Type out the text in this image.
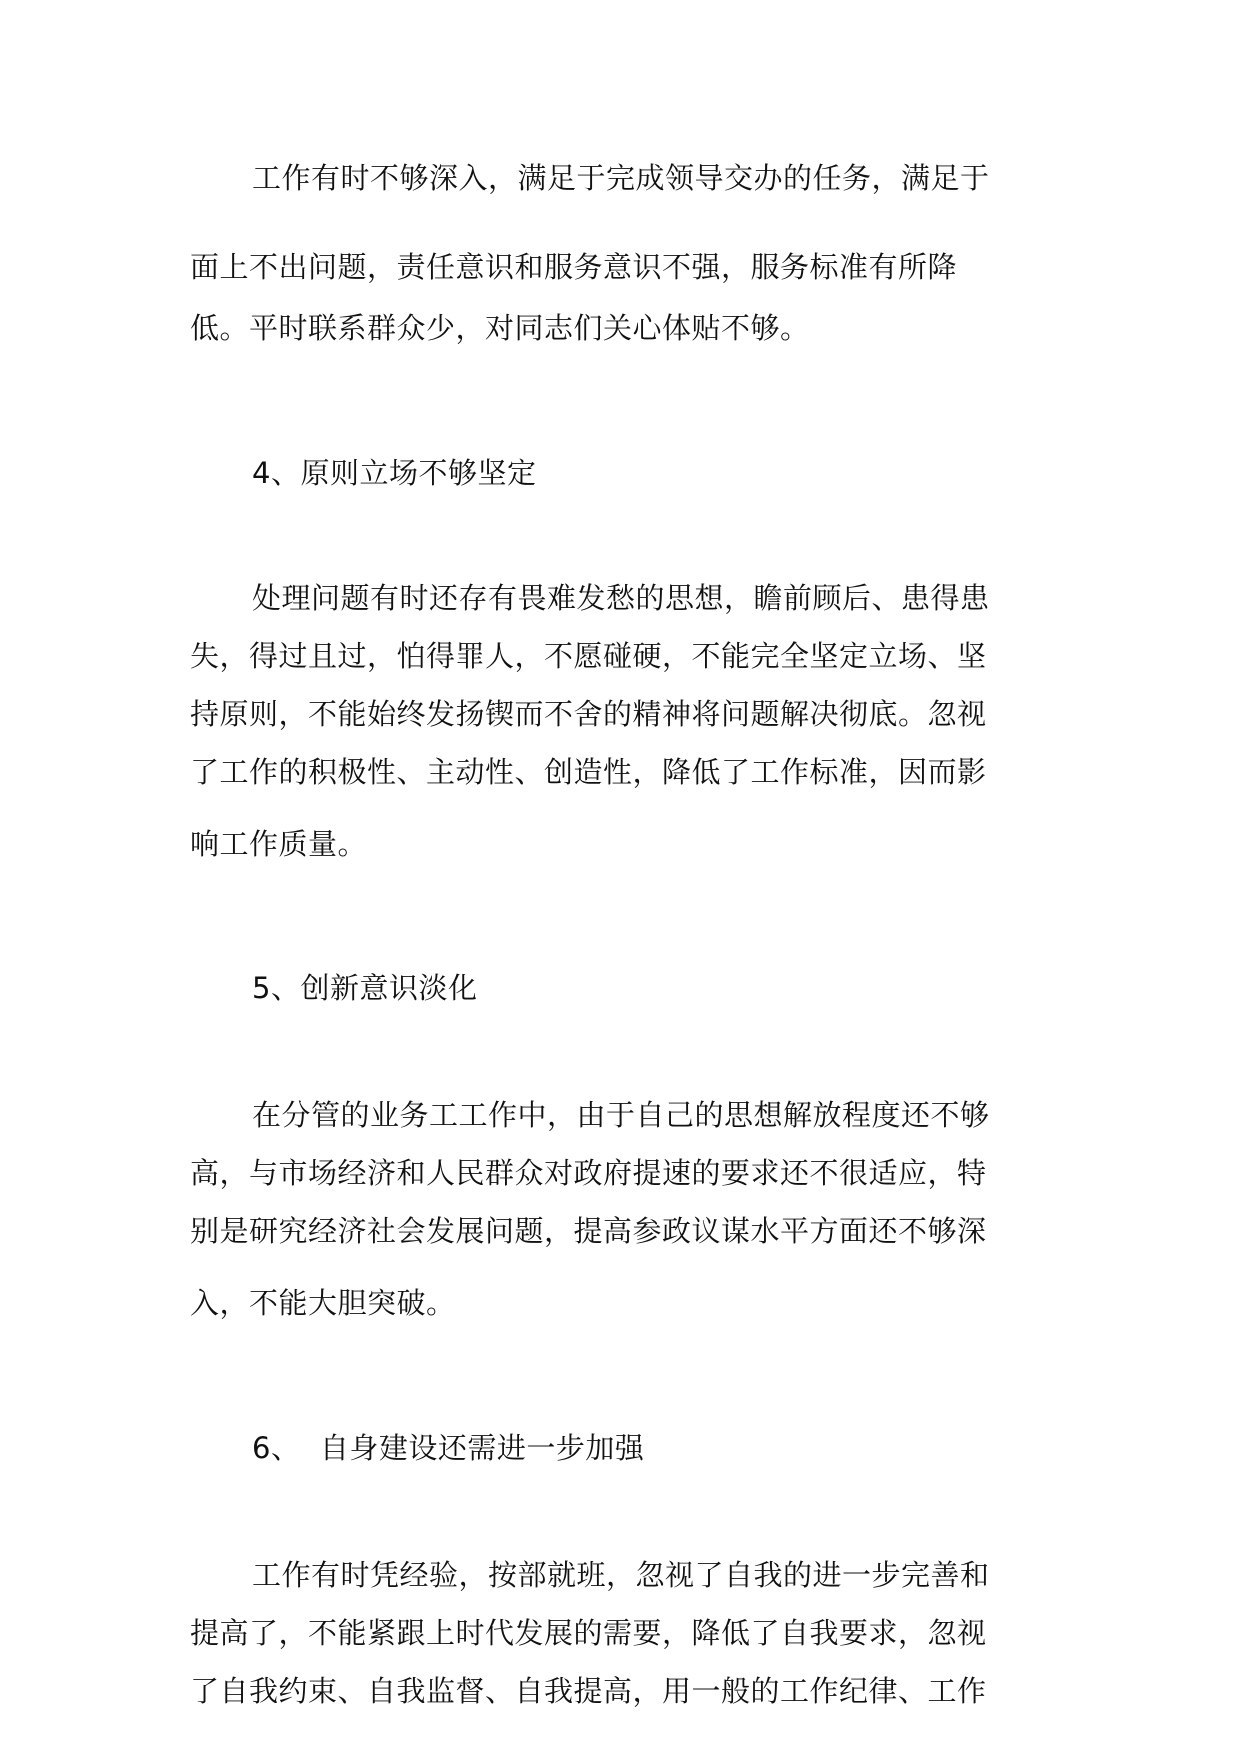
工作有时不够深入，满足于完成领导交办的任务，满足于
面上不出问题，责任意识和服务意识不强，服务标准有所降
低。平时联系群众少，对同志们关心体贴不够。
4、原则立场不够坚定
处理问题有时还存有畏难发愁的思想，瞻前顾后、患得患
失，得过且过，怕得罪人，不愿碰硬，不能完全坚定立场、坚
持原则，不能始终发扬锲而不舍的精神将问题解决彻底。忽视
了工作的积极性、主动性、创造性，降低了工作标准，因而影
响工作质量。
5、创新意识淡化
在分管的业务工工作中，由于自己的思想解放程度还不够
高，与市场经济和人民群众对政府提速的要求还不很适应，特
别是研究经济社会发展问题，提高参政议谋水平方面还不够深
入，不能大胆突破。
6、  自身建设还需进一步加强
工作有时凭经验，按部就班，忽视了自我的进一步完善和
提高了，不能紧跟上时代发展的需要，降低了自我要求，忽视
了自我约束、自我监督、自我提高，用一般的工作纪律、工作
